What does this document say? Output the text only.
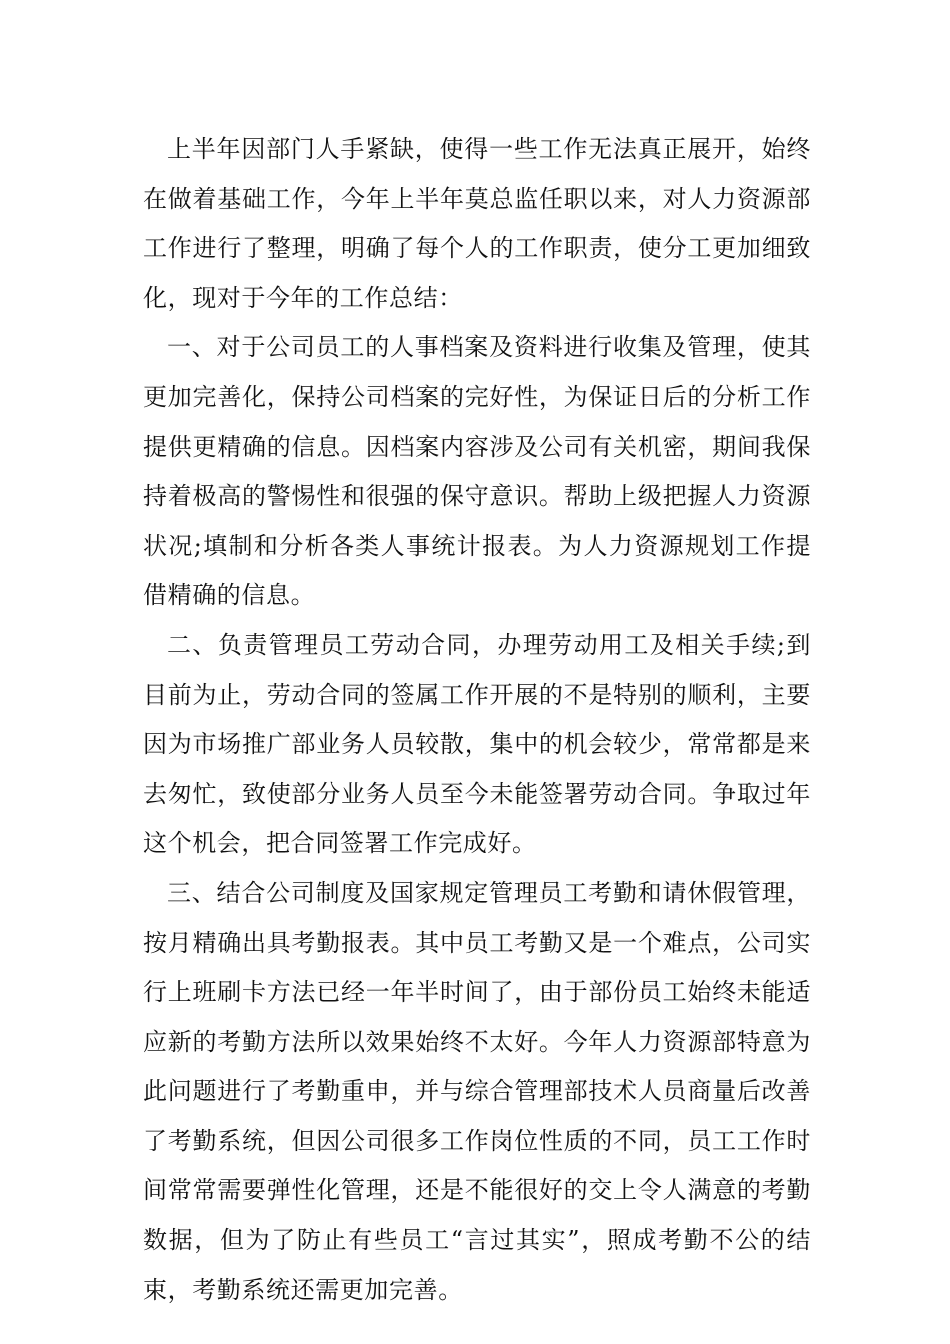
上半年因部门人手紧缺，使得一些工作无法真正展开，始终在做着基础工作，今年上半年莫总监任职以来，对人力资源部工作进行了整理，明确了每个人的工作职责，使分工更加细致化，现对于今年的工作总结：

一、对于公司员工的人事档案及资料进行收集及管理，使其更加完善化，保持公司档案的完好性，为保证日后的分析工作提供更精确的信息。因档案内容涉及公司有关机密，期间我保持着极高的警惕性和很强的保守意识。帮助上级把握人力资源状况;填制和分析各类人事统计报表。为人力资源规划工作提借精确的信息。

二、负责管理员工劳动合同，办理劳动用工及相关手续;到目前为止，劳动合同的签属工作开展的不是特别的顺利，主要因为市场推广部业务人员较散，集中的机会较少，常常都是来去匆忙，致使部分业务人员至今未能签署劳动合同。争取过年这个机会，把合同签署工作完成好。

三、结合公司制度及国家规定管理员工考勤和请休假管理，按月精确出具考勤报表。其中员工考勤又是一个难点，公司实行上班刷卡方法已经一年半时间了，由于部份员工始终未能适应新的考勤方法所以效果始终不太好。今年人力资源部特意为此问题进行了考勤重申，并与综合管理部技术人员商量后改善了考勤系统，但因公司很多工作岗位性质的不同，员工工作时间常常需要弹性化管理，还是不能很好的交上令人满意的考勤数据，但为了防止有些员工“言过其实”，照成考勤不公的结束，考勤系统还需更加完善。
